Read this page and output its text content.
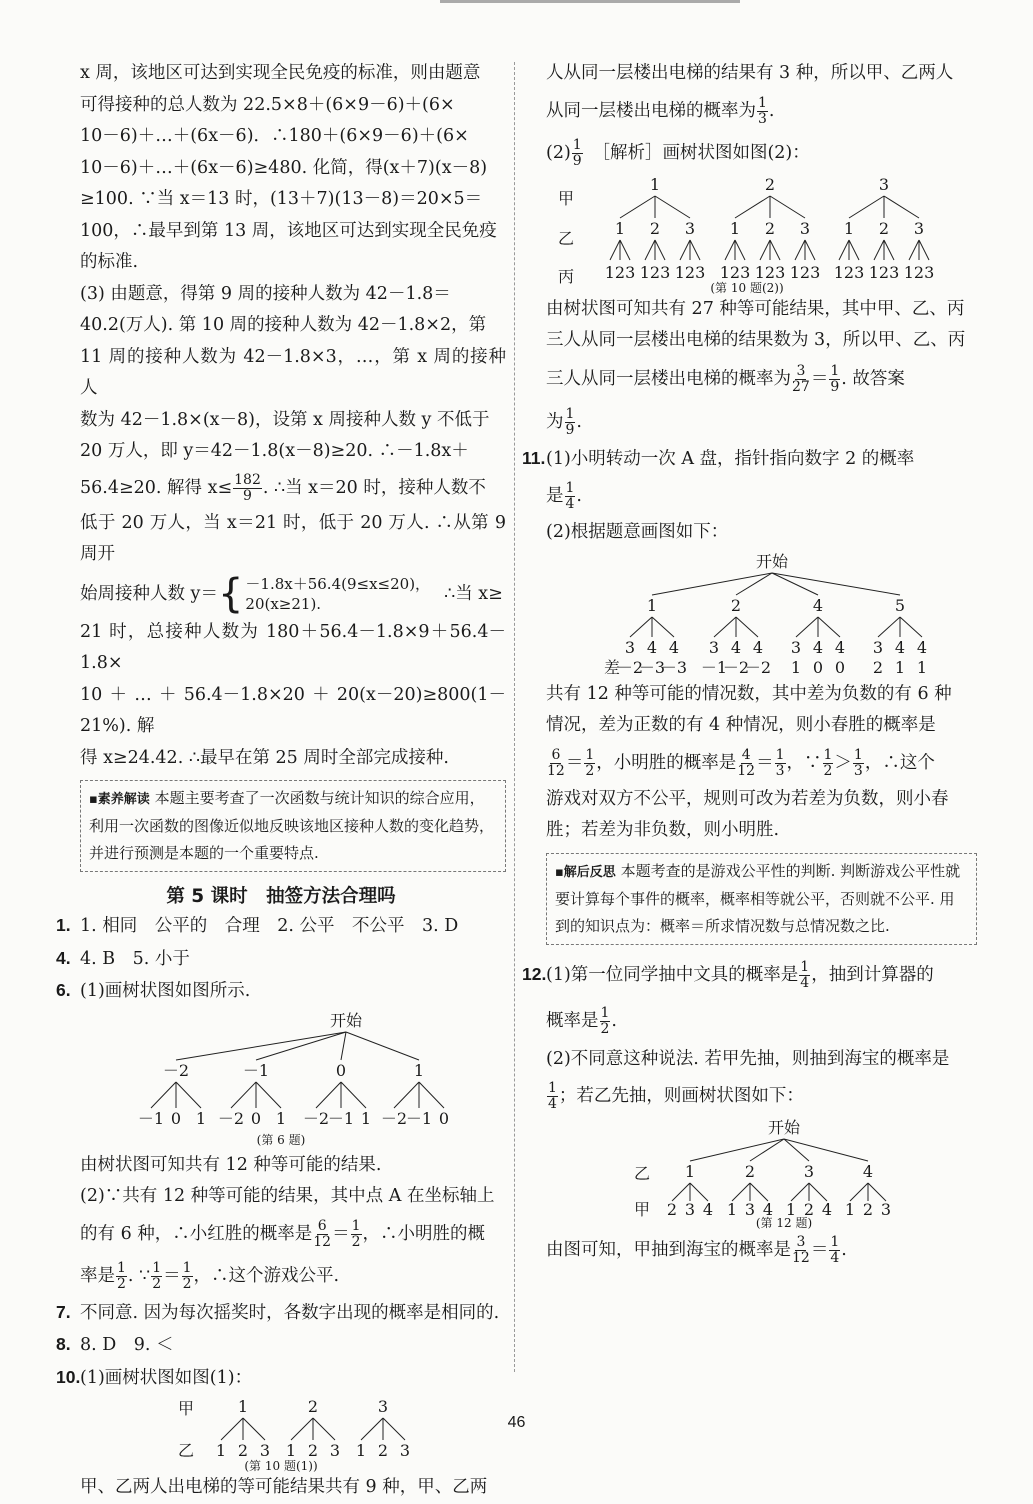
x 周，该地区可达到实现全民免疫的标准，则由题意

可得接种的总人数为 22.5×8＋(6×9－6)＋(6×

10－6)＋…＋(6x－6)．∴180＋(6×9－6)＋(6×

10－6)＋…＋(6x－6)≥480. 化简，得(x＋7)(x－8)

≥100. ∵当 x＝13 时，(13＋7)(13－8)＝20×5＝

100，∴最早到第 13 周，该地区可达到实现全民免疫

的标准.

(3) 由题意，得第 9 周的接种人数为 42－1.8＝

40.2(万人). 第 10 周的接种人数为 42－1.8×2，第

11 周的接种人数为 42－1.8×3，…，第 x 周的接种人

数为 42－1.8×(x－8)，设第 x 周接种人数 y 不低于

20 万人，即 y＝42－1.8(x－8)≥20. ∴－1.8x＋

56.4≥20. 解得 $x\le \frac{182}{9}$ . ∴当 x＝20 时，接种人数不

低于 20 万人，当 x＝21 时，低于 20 万人. ∴从第 9 周开

始周接种人数 y＝ { －1.8x＋56.4(9≤x≤20)，
20(x≥21).
∴当 x≥

21 时，总接种人数为 180＋56.4－1.8×9＋56.4－1.8×

10＋…＋56.4－1.8×20＋20(x－20)≥800(1－21%). 解

得 x≥24.42. ∴最早在第 25 周时全部完成接种.

▪素养解读 本题主要考查了一次函数与统计知识的综合应用，利用一次函数的图像近似地反映该地区接种人数的变化趋势，并进行预测是本题的一个重要特点.
第 5 课时　抽签方法合理吗

1. 1. 相同　公平的　合理　2. 公平　不公平　3. D

4. 4. B　5. 小于

6. (1)画树状图如图所示.

开始
－2
－1 0 1
－1
－2 0 1
0
－2
－1 1
1
－2
－1 0
(第 6 题)

由树状图可知共有 12 种等可能的结果.

(2)∵共有 12 种等可能的结果，其中点 A 在坐标轴上

的有 6 种，∴小红胜的概率是 $\frac{6}{12} = \frac{1}{2}$ ，∴小明胜的概

率是 $\frac{1}{2}$ . ∵ $\frac{1}{2} = \frac{1}{2}$ ，∴这个游戏公平.

7. 不同意. 因为每次摇奖时，各数字出现的概率是相同的.

8. 8. D　9. ＜

10.(1)画树状图如图(1)：

甲
乙
1
1 2 3
2
1 2 3
3
1 2 3
(第 10 题(1))

甲、乙两人出电梯的等可能结果共有 9 种，甲、乙两

人从同一层楼出电梯的结果有 3 种，所以甲、乙两人

从同一层楼出电梯的概率为 $\frac{1}{3}$ .

$(2) \frac{1}{9}$
　 ［解析］画树状图如图(2)：

甲
乙
丙
1
1
123
2
123
3
123
2
1
123
2
123
3
123
3
1
123
2
123
3
123
(第 10 题(2))

由树状图可知共有 27 种等可能结果，其中甲、乙、丙

三人从同一层楼出电梯的结果数为 3，所以甲、乙、丙

三人从同一层楼出电梯的概率为 $\frac{3}{27} = \frac{1}{9}$ . 故答案

为 $\frac{1}{9}$ .

11.(1)小明转动一次 A 盘，指针指向数字 2 的概率

是 $\frac{1}{4}$ .

(2)根据题意画图如下：

开始
1
3
－2
4
－3
4
－3
2
3
－1
4
－2
4
－2
4
3
1
4
0
4
0
5
3
2
4
1
4
1
差

共有 12 种等可能的情况数，其中差为负数的有 6 种

情况，差为正数的有 4 种情况，则小春胜的概率是

$\frac{6}{12} = \frac{1}{2}$ ，小明胜的概率是 $\frac{4}{12} = \frac{1}{3}$ ，∵ $\frac{1}{2} > \frac{1}{3}$ ，∴这个

游戏对双方不公平，规则可改为若差为负数，则小春

胜；若差为非负数，则小明胜.

▪解后反思 本题考查的是游戏公平性的判断. 判断游戏公平性就要计算每个事件的概率，概率相等就公平，否则就不公平. 用到的知识点为：概率＝所求情况数与总情况数之比.

12.(1)第一位同学抽中文具的概率是 $\frac{1}{4}$ ，抽到计算器的

概率是 $\frac{1}{2}$ .

(2)不同意这种说法. 若甲先抽，则抽到海宝的概率是

$\frac{1}{4}$ ；若乙先抽，则画树状图如下：

开始
乙
甲
1
2 3 4
2
1 3 4
3
1 2 4
4
1 2 3
(第 12 题)

由图可知，甲抽到海宝的概率是 $\frac{3}{12} = \frac{1}{4}$ .

46
